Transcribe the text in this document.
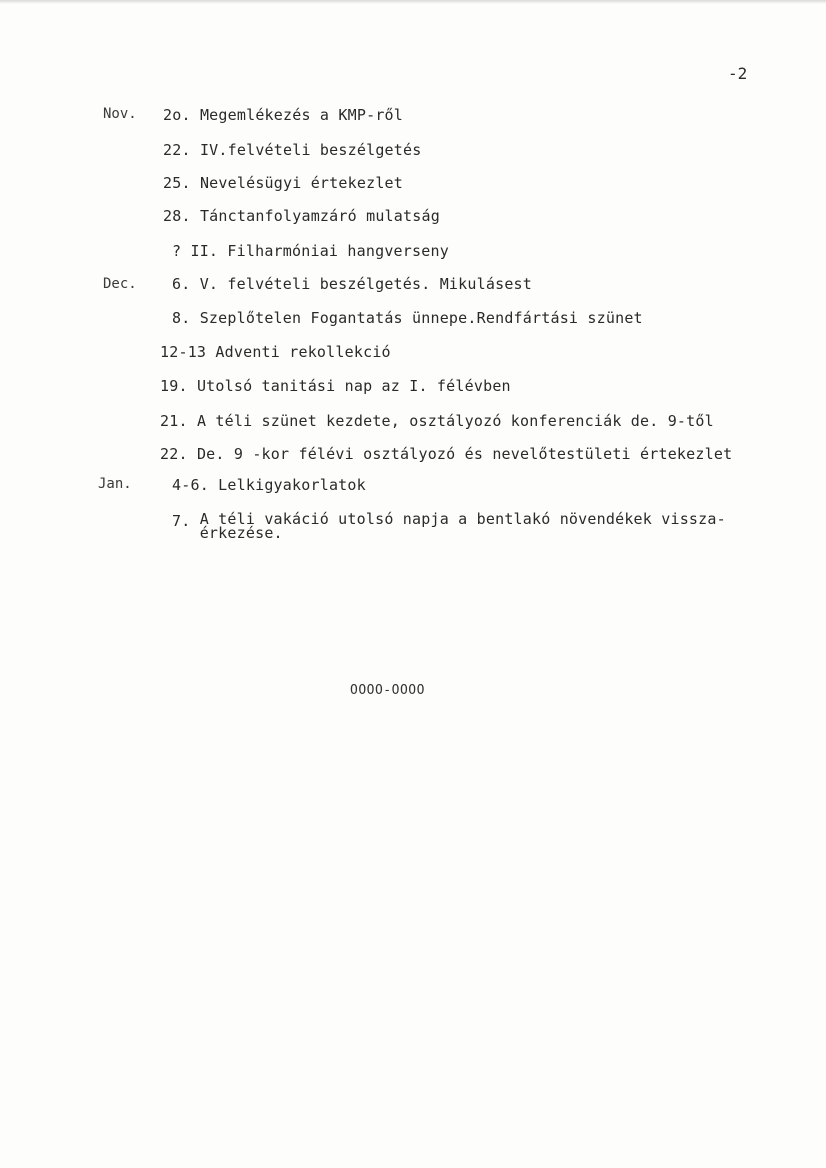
-2
Nov.
Dec.
Jan.
2o. Megemlékezés a KMP-ről
22. IV.felvételi beszélgetés
25. Nevelésügyi értekezlet
28. Tánctanfolyamzáró mulatság
? II. Filharmóniai hangverseny
6. V. felvételi beszélgetés. Mikulásest
8. Szeplőtelen Fogantatás ünnepe.Rendfártási szünet
12-13 Adventi rekollekció
19. Utolsó tanitási nap az I. félévben
21. A téli szünet kezdete, osztályozó konferenciák de. 9-től
22. De. 9 -kor félévi osztályozó és nevelőtestületi értekezlet
4-6. Lelkigyakorlatok
7. A téli vakáció utolsó napja a bentlakó növendékek vissza-érkezése.
OOOO-OOOO
